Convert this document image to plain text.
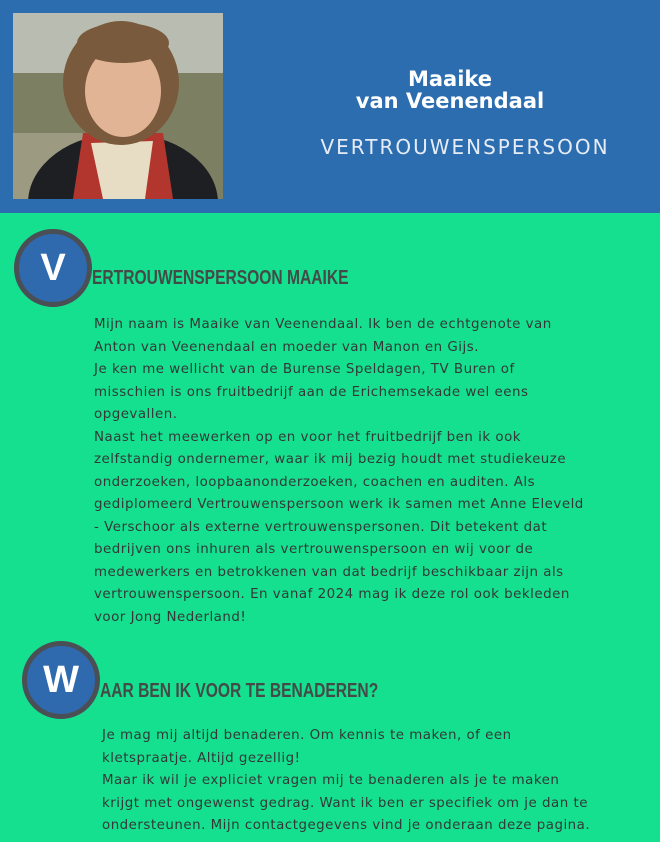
Maaike
van Veenendaal
VERTROUWENSPERSOON
V	ERTROUWENSPERSOON MAAIKE
Mijn naam is Maaike van Veenendaal. Ik ben de echtgenote van
Anton van Veenendaal en moeder van Manon en Gijs.
Je ken me wellicht van de Burense Speldagen, TV Buren of
misschien is ons fruitbedrijf aan de Erichemsekade wel eens
opgevallen.
Naast het meewerken op en voor het fruitbedrijf ben ik ook
zelfstandig ondernemer, waar ik mij bezig houdt met studiekeuze
onderzoeken, loopbaanonderzoeken, coachen en auditen. Als
gediplomeerd Vertrouwenspersoon werk ik samen met Anne Eleveld
- Verschoor als externe vertrouwenspersonen. Dit betekent dat
bedrijven ons inhuren als vertrouwenspersoon en wij voor de
medewerkers en betrokkenen van dat bedrijf beschikbaar zijn als
vertrouwenspersoon. En vanaf 2024 mag ik deze rol ook bekleden
voor Jong Nederland!
W	AAR BEN IK VOOR TE BENADEREN?
Je mag mij altijd benaderen. Om kennis te maken, of een
kletspraatje. Altijd gezellig!
Maar ik wil je expliciet vragen mij te benaderen als je te maken
krijgt met ongewenst gedrag. Want ik ben er specifiek om je dan te
ondersteunen. Mijn contactgegevens vind je onderaan deze pagina.
